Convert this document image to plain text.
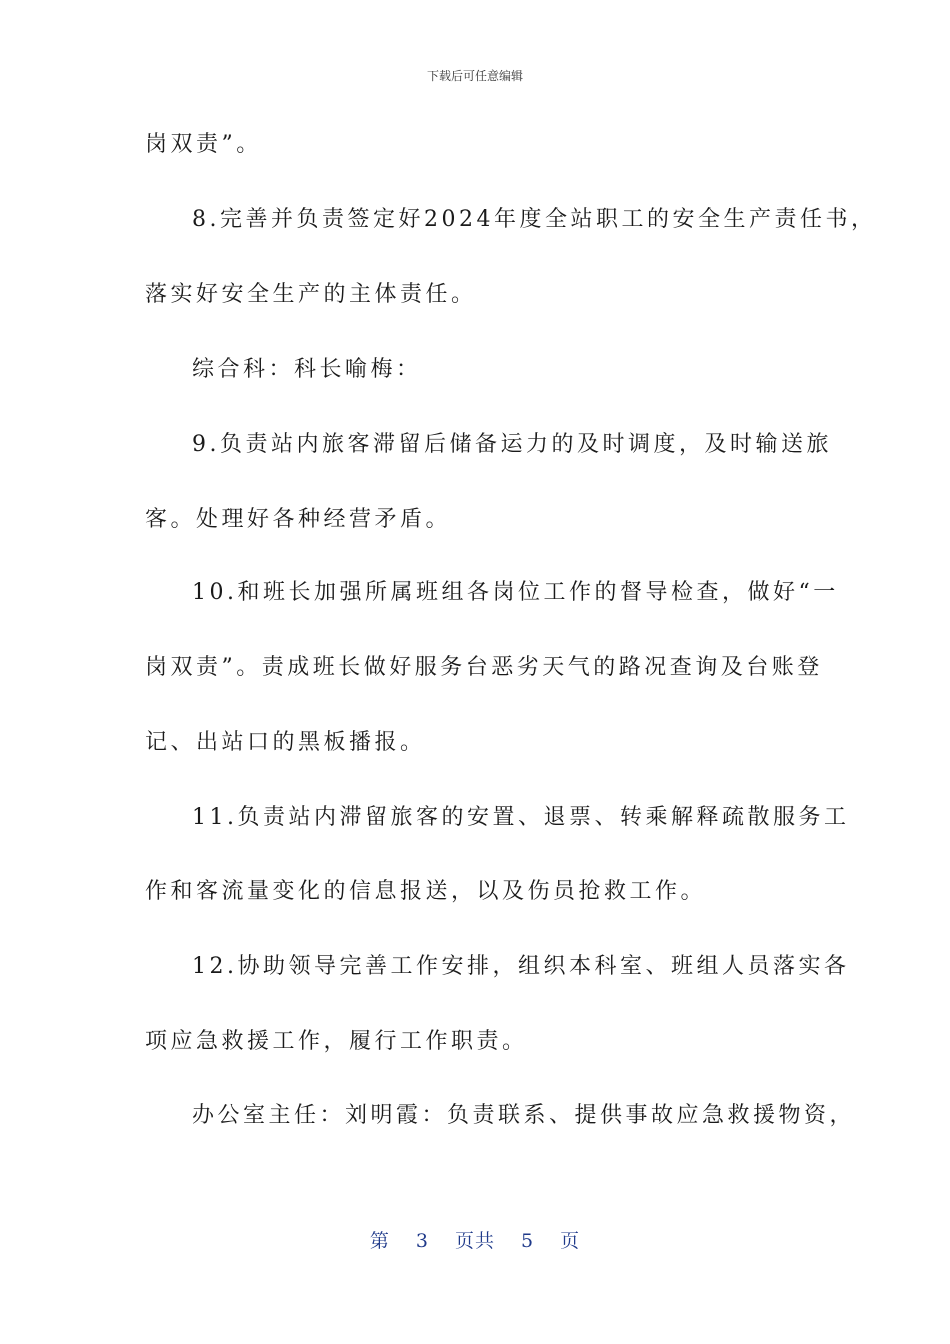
下载后可任意编辑
岗双责”。
8.完善并负责签定好2024年度全站职工的安全生产责任书，
落实好安全生产的主体责任。
综合科：科长喻梅：
9.负责站内旅客滞留后储备运力的及时调度，及时输送旅
客。处理好各种经营矛盾。
10.和班长加强所属班组各岗位工作的督导检查，做好“一
岗双责”。责成班长做好服务台恶劣天气的路况查询及台账登
记、出站口的黑板播报。
11.负责站内滞留旅客的安置、退票、转乘解释疏散服务工
作和客流量变化的信息报送，以及伤员抢救工作。
12.协助领导完善工作安排，组织本科室、班组人员落实各
项应急救援工作，履行工作职责。
办公室主任：刘明霞：负责联系、提供事故应急救援物资，
第 3 页共 5 页
